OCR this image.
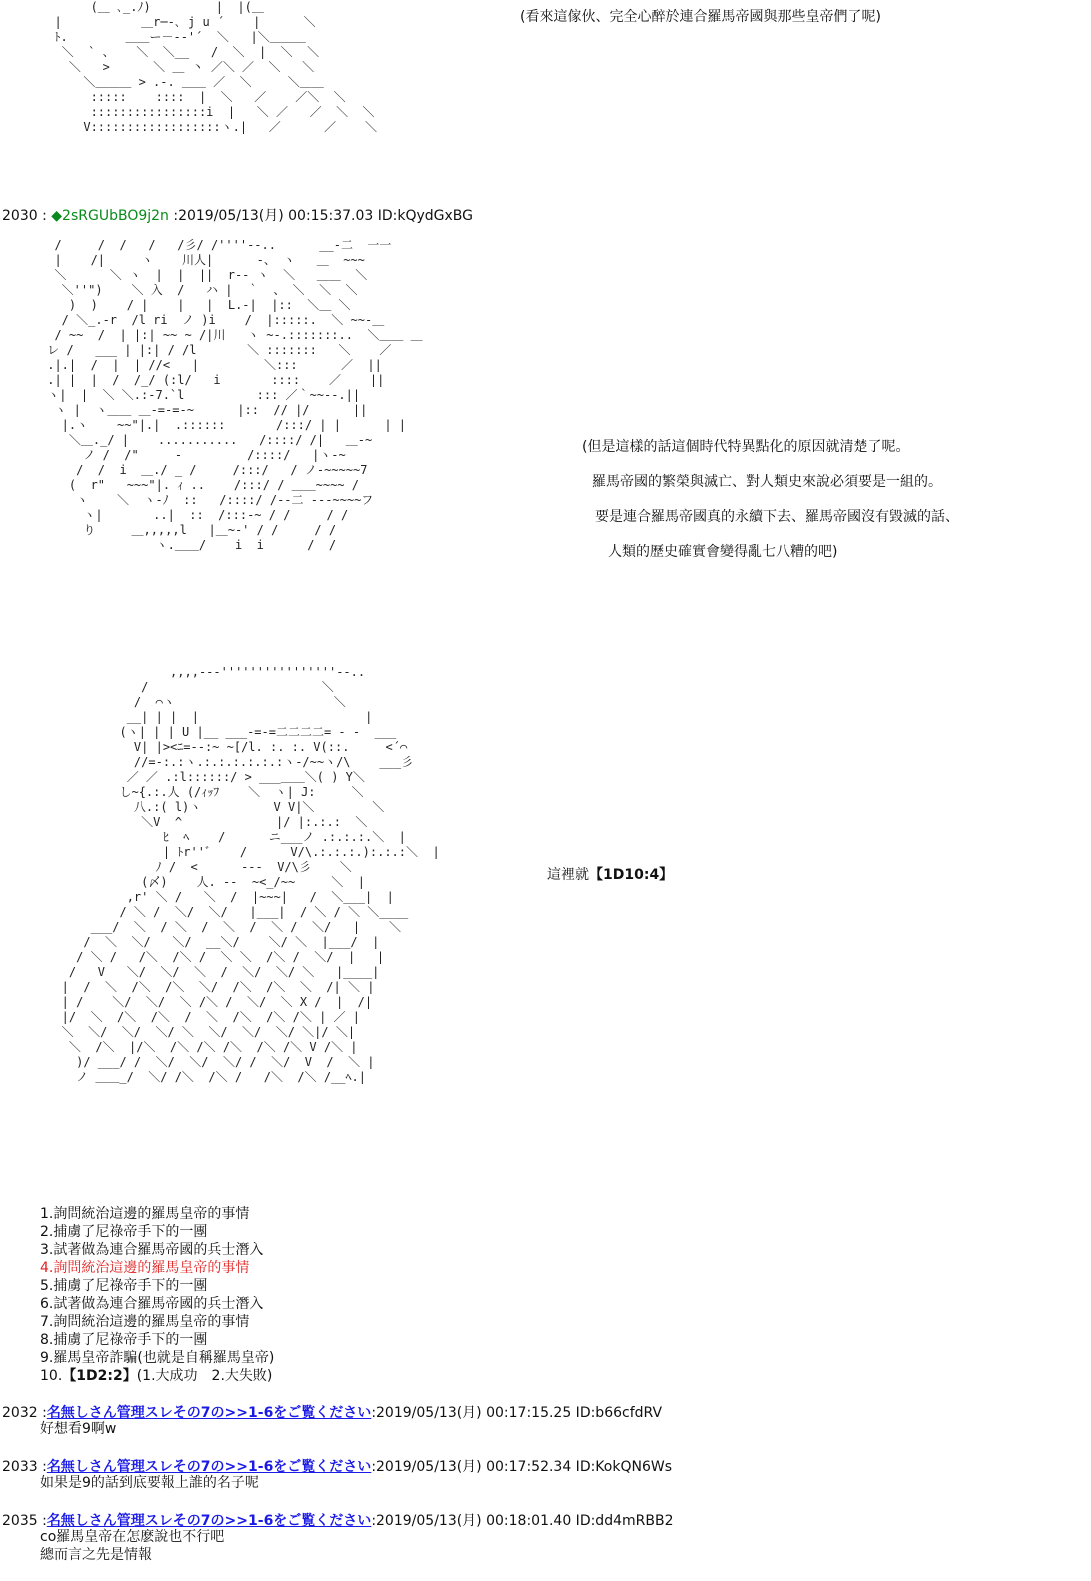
(＿ ､_.ﾉ)         |  |(＿
|           ＿r─‐､ j u ´    |      ＼
ﾄ.        ＿＿ー－-‐'´  ＼   |＼＿＿＿
＼  ` 、   ＼  ＼__   /  ＼  |  ＼  ＼
＼   >      ＼ ＿ 丶 ／＼ ／  ＼   ＼
＼＿＿＿ > .-. ＿＿ ／  ＼     ＼＿＿
:::::    ::::  |  ＼   ／    ／＼  ＼
::::::::::::::::i  |   ＼ ／   ／  ＼  ＼
V::::::::::::::::::ヽ.|   ／      ／    ＼
(看來這傢伙、完全心醉於連合羅馬帝國與那些皇帝們了呢)
2030 : ◆2sRGUbBO9j2n :2019/05/13(月) 00:15:37.03 ID:kQydGxBG
/     /  /   /   /彡/ /''''--..      __-二  一一
|    /|     ヽ    川人|      -、 ヽ   ＿  ~~~
＼      ＼ ヽ  |  |  ||  r-- ヽ  ＼   ＿＿  ＼
＼''")    ＼ 入  /   ハ |  ｀  、 ＼  ＼  ＼
)  )    / |    |   |  L.-|  |::  ＼＿ ＼
/ ＼_.-r  /l ri  ノ )i    /  |:::::.  ＼ ~~-＿
/ ~~  /  | |:| ~~ ~ /|川   ヽ ~-.:::::::..  ＼＿＿ ＿
レ /   ___ | |:| / /l       ＼ :::::::   ＼    ／
.|.|  /  |  | //<   |         ＼:::      ／  ||
.| |  |  /  /_/ (:l/   i       ::::    ／    ||
ヽ|  |  ＼ ＼.:-7.`l          ::: ／｀~~--.||
ヽ |  ヽ＿＿ ＿-=-=-~      |::  // |/      ||
|.ヽ    ~~"|.|  .::::::       /:::/ | |      | |
＼＿._/ |    ...........   /::::/ /|   ＿-~
ノ /  /"     -         /::::/   |ヽ-~
/  /  i  ＿./ _ /     /:::/   / ノ-~~~~~7
(  r"   ~~~"|. ｨ ..    /:::/ / ＿＿~~~~ /
ヽ    ＼  ヽ-ﾉ  ::   /::::/ /--二 ---~~~~フ
ヽ|       ..|  ::  /:::-~ / /     / /
り     ＿,,,,,l   |＿~-' / /     / /
ヽ.＿＿/    i  i      /  /
(但是這樣的話這個時代特異點化的原因就清楚了呢。
羅馬帝國的繁榮與滅亡、對人類史來說必須要是一組的。
要是連合羅馬帝國真的永續下去、羅馬帝國沒有毀滅的話、
人類的歷史確實會變得亂七八糟的吧)
,,,,---''''''''''''''''--..
/                        ＼
/  ⌒ヽ                      ＼
__| | |  |                       |
(ヽ| | | U |__ ___-=-=二二二二= - -  ___
V| |><ﾆ=--:~ ~[/l. :. :. V(::.     <´⌒
//=-:.:ヽ.:.:.:.:.:.:ヽ-/~~ヽ/\    ___彡
／ ／ .:l::::::/ > ___＿＿＼( ) Y＼
し~{.:.人 (/ｨｯﾌ    ＼  ヽ| J:     ＼
八.:( l)ヽ          V V|＼        ＼
＼V  ^             |/ |:.:.:  ＼
ﾋ  ﾍ    /      ニ___ノ .:.:.:.＼  |
| ﾄr''ﾞ    /      V/\.:.:.:.):.:.:＼  |
ﾉ /  <      ---  V/\彡    ＼
(〆)    人. --  ~<_/~~     ＼  |
,r' ＼ /   ＼  /  |~~~|   /  ＼___|  |
/ ＼ /  ＼/  ＼/   |___|  / ＼ / ＼ ＼____
___/  ＼  / ＼  /  ＼  /  ＼ /  ＼/   |    ＼
/  ＼  ＼/   ＼/  __＼/    ＼/ ＼  |___/  |
/ ＼ /   /＼  /＼ /  ＼ ＼  /＼ /  ＼/  |   |
/   V   ＼/  ＼/  ＼  /  ＼/  ＼/ ＼   |____|
|  /  ＼  /＼  /＼  ＼/  /＼  /＼  ＼  /| ＼ |
| /    ＼/  ＼/  ＼ /＼ /  ＼/  ＼ X /  |  /|
|/  ＼  /＼  /＼  /  ＼  /＼  /＼ /＼ | ／ |
＼  ＼/  ＼/  ＼/ ＼  ＼/  ＼/  ＼/ ＼|/ ＼|
＼  /＼  |/＼  /＼ /＼ /＼  /＼ /＼ V /＼ |
)/ ___/ /  ＼/  ＼/  ＼/ /  ＼/  V  /  ＼ |
ノ ＿＿_/  ＼/ /＼  /＼ /   /＼  /＼ /__ﾍ.|
這裡就【1D10:4】
1.詢問統治這邊的羅馬皇帝的事情
2.捕虜了尼祿帝手下的一團
3.試著做為連合羅馬帝國的兵士潛入
4.詢問統治這邊的羅馬皇帝的事情
5.捕虜了尼祿帝手下的一團
6.試著做為連合羅馬帝國的兵士潛入
7.詢問統治這邊的羅馬皇帝的事情
8.捕虜了尼祿帝手下的一團
9.羅馬皇帝詐騙(也就是自稱羅馬皇帝)
10.【1D2:2】(1.大成功　2.大失敗)
2032 :名無しさん管理スレその7の>>1-6をご覧ください:2019/05/13(月) 00:17:15.25 ID:b66cfdRV
好想看9啊w
2033 :名無しさん管理スレその7の>>1-6をご覧ください:2019/05/13(月) 00:17:52.34 ID:KokQN6Ws
如果是9的話到底要報上誰的名子呢
2035 :名無しさん管理スレその7の>>1-6をご覧ください:2019/05/13(月) 00:18:01.40 ID:dd4mRBB2
co羅馬皇帝在怎麽說也不行吧
總而言之先是情報
